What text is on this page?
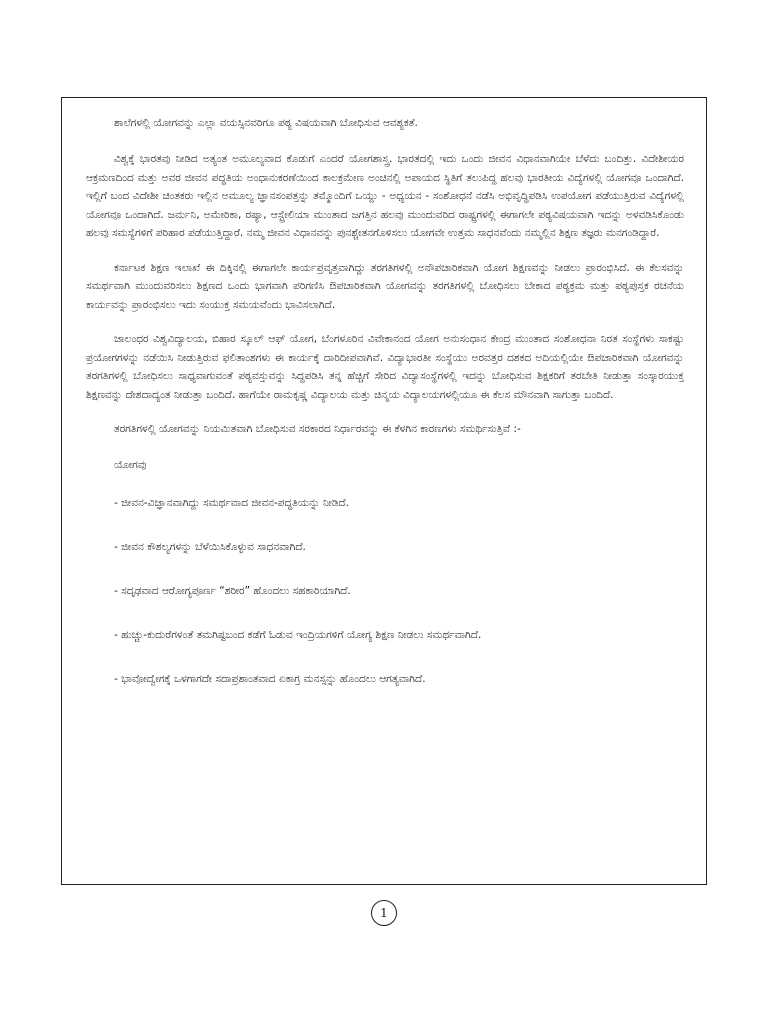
ಶಾಲೆಗಳಲ್ಲಿ ಯೋಗವನ್ನು ಎಲ್ಲಾ ವಯಸ್ಸಿನವರಿಗೂ ಪಠ್ಯ ವಿಷಯವಾಗಿ ಬೋಧಿಸುವ ಆವಶ್ಯಕತೆ.

ವಿಶ್ವಕ್ಕೆ ಭಾರತವು ನೀಡಿದ ಅತ್ಯಂತ ಅಮೂಲ್ಯವಾದ ಕೊಡುಗೆ ಎಂದರೆ ಯೋಗಶಾಸ್ತ್ರ. ಭಾರತದಲ್ಲಿ ಇದು ಒಂದು ಜೀವನ ವಿಧಾನವಾಗಿಯೇ ಬೆಳೆದು ಬಂದಿತ್ತು. ವಿದೇಶೀಯರ ಆಕ್ರಮಣದಿಂದ ಮತ್ತು ಅವರ ಜೀವನ ಪದ್ಧತಿಯ ಅಂಧಾನುಕರಣೆಯಿಂದ ಕಾಲಕ್ರಮೇಣ ಅಂಚಿನಲ್ಲಿ ಅಪಾಯದ ಸ್ಥಿತಿಗೆ ತಲುಪಿದ್ದ ಹಲವು ಭಾರತೀಯ ವಿದ್ಯೆಗಳಲ್ಲಿ ಯೋಗವೂ ಒಂದಾಗಿದೆ. ಇಲ್ಲಿಗೆ ಬಂದ ವಿದೇಶೀ ಚಿಂತಕರು ಇಲ್ಲಿನ ಅಮೂಲ್ಯ ಜ್ಞಾನಸಂಪತ್ತನ್ನು ತಮ್ಮೊಂದಿಗೆ ಒಯ್ದು - ಅಧ್ಯಯನ - ಸಂಶೋಧನೆ ನಡೆಸಿ ಅಭಿವೃದ್ಧಿಪಡಿಸಿ ಉಪಯೋಗ ಪಡೆಯುತ್ತಿರುವ ವಿದ್ಯೆಗಳಲ್ಲಿ ಯೋಗವೂ ಒಂದಾಗಿದೆ. ಜರ್ಮನಿ, ಅಮೇರಿಕಾ, ರಷ್ಯಾ, ಆಸ್ಟ್ರೇಲಿಯಾ ಮುಂತಾದ ಜಗತ್ತಿನ ಹಲವು ಮುಂದುವರಿದ ರಾಷ್ಟ್ರಗಳಲ್ಲಿ ಈಗಾಗಲೇ ಪಠ್ಯವಿಷಯವಾಗಿ ಇದನ್ನು ಅಳವಡಿಸಿಕೊಂಡು ಹಲವು ಸಮಸ್ಯೆಗಳಿಗೆ ಪರಿಹಾರ ಪಡೆಯುತ್ತಿದ್ದಾರೆ. ನಮ್ಮ ಜೀವನ ವಿಧಾನವನ್ನು ಪುನಶ್ಚೇತನಗೊಳಿಸಲು ಯೋಗವೇ ಉತ್ತಮ ಸಾಧನವೆಂದು ನಮ್ಮಲ್ಲಿನ ಶಿಕ್ಷಣ ತಜ್ಞರು ಮನಗಂಡಿದ್ದಾರೆ.

ಕರ್ನಾಟಕ ಶಿಕ್ಷಣ ಇಲಾಖೆ ಈ ದಿಕ್ಕಿನಲ್ಲಿ ಈಗಾಗಲೇ ಕಾರ್ಯಪ್ರವೃತ್ತವಾಗಿದ್ದು ತರಗತಿಗಳಲ್ಲಿ ಅನೌಪಚಾರಿಕವಾಗಿ ಯೋಗ ಶಿಕ್ಷಣವನ್ನು ನೀಡಲು ಪ್ರಾರಂಭಿಸಿದೆ. ಈ ಕೆಲಸವನ್ನು ಸಮರ್ಥವಾಗಿ ಮುಂದುವರಿಸಲು ಶಿಕ್ಷಣದ ಒಂದು ಭಾಗವಾಗಿ ಪರಿಗಣಿಸಿ ಔಪಚಾರಿಕವಾಗಿ ಯೋಗವನ್ನು ತರಗತಿಗಳಲ್ಲಿ ಬೋಧಿಸಲು ಬೇಕಾದ ಪಠ್ಯಕ್ರಮ ಮತ್ತು ಪಠ್ಯಪುಸ್ತಕ ರಚನೆಯ ಕಾರ್ಯವನ್ನು ಪ್ರಾರಂಭಿಸಲು ಇದು ಸಂಯುಕ್ತ ಸಮಯವೆಂದು ಭಾವಿಸಲಾಗಿದೆ.

ಜಾಲಂಧರ ವಿಶ್ವವಿದ್ಯಾಲಯ, ಬಿಹಾರ ಸ್ಕೂಲ್ ಆಫ್ ಯೋಗ, ಬೆಂಗಳೂರಿನ ವಿವೇಕಾನಂದ ಯೋಗ ಅನುಸಂಧಾನ ಕೇಂದ್ರ ಮುಂತಾದ ಸಂಶೋಧನಾ ನಿರತ ಸಂಸ್ಥೆಗಳು ಸಾಕಷ್ಟು ಪ್ರಯೋಗಗಳನ್ನು ನಡೆಯಿಸಿ ನೀಡುತ್ತಿರುವ ಫಲಿತಾಂಶಗಳು ಈ ಕಾರ್ಯಕ್ಕೆ ದಾರಿದೀಪವಾಗಿವೆ. ವಿದ್ಯಾಭಾರತೀ ಸಂಸ್ಥೆಯು ಅರವತ್ತರ ದಶಕದ ಅದಿಯಲ್ಲಿಯೇ ಔಪಚಾರಿಕವಾಗಿ ಯೋಗವನ್ನು ತರಗತಿಗಳಲ್ಲಿ ಬೋಧಿಸಲು ಸಾಧ್ಯವಾಗುವಂತೆ ಪಠ್ಯವಸ್ತುವನ್ನು ಸಿದ್ಧಪಡಿಸಿ ತನ್ನ ಹೆಚ್ಚಿಗೆ ಸೇರಿದ ವಿದ್ಯಾಸಂಸ್ಥೆಗಳಲ್ಲಿ ಇದನ್ನು ಬೋಧಿಸುವ ಶಿಕ್ಷಕರಿಗೆ ತರಬೇತಿ ನೀಡುತ್ತಾ ಸಂಸ್ಕಾರಯುಕ್ತ ಶಿಕ್ಷಣವನ್ನು ದೇಶದಾದ್ಯಂತ ನೀಡುತ್ತಾ ಬಂದಿದೆ. ಹಾಗೆಯೇ ರಾಮಕೃಷ್ಣ ವಿದ್ಯಾಲಯ ಮತ್ತು ಚಿನ್ಮಯ ವಿದ್ಯಾಲಯಗಳಲ್ಲಿಯೂ ಈ ಕೆಲಸ ಮೌನವಾಗಿ ಸಾಗುತ್ತಾ ಬಂದಿದೆ.

ತರಗತಿಗಳಲ್ಲಿ ಯೋಗವನ್ನು ನಿಯಮಿತವಾಗಿ ಬೋಧಿಸುವ ಸರಕಾರದ ನಿರ್ಧಾರವನ್ನು ಈ ಕೆಳಗಿನ ಕಾರಣಗಳು ಸಮರ್ಥಿಸುತ್ತಿವೆ :-

ಯೋಗವು

- ಜೀವನ-ವಿಜ್ಞಾನವಾಗಿದ್ದು ಸಮರ್ಥವಾದ ಜೀವನ-ಪದ್ಧತಿಯನ್ನು ನೀಡಿದೆ.
- ಜೀವನ ಕೌಶಲ್ಯಗಳನ್ನು ಬೆಳೆಯಿಸಿಕೊಳ್ಳುವ ಸಾಧನವಾಗಿದೆ.
- ಸದೃಢವಾದ ಆರೋಗ್ಯಪೂರ್ಣ “ಶರೀರ” ಹೊಂದಲು ಸಹಕಾರಿಯಾಗಿದೆ.
- ಹುಚ್ಚು-ಕುದುರೆಗಳಂತೆ ತಮಗಿಷ್ಟಬಂದ ಕಡೆಗೆ ಓಡುವ ಇಂದ್ರಿಯಗಳಿಗೆ ಯೋಗ್ಯ ಶಿಕ್ಷಣ ನೀಡಲು ಸಮರ್ಥವಾಗಿದೆ.
- ಭಾವೋದ್ವೇಗಕ್ಕೆ ಒಳಗಾಗದೇ ಸದಾಪ್ರಶಾಂತವಾದ ಏಕಾಗ್ರ ಮನಸ್ಸನ್ನು ಹೊಂದಲು ಆಗತ್ಯವಾಗಿದೆ.
1
